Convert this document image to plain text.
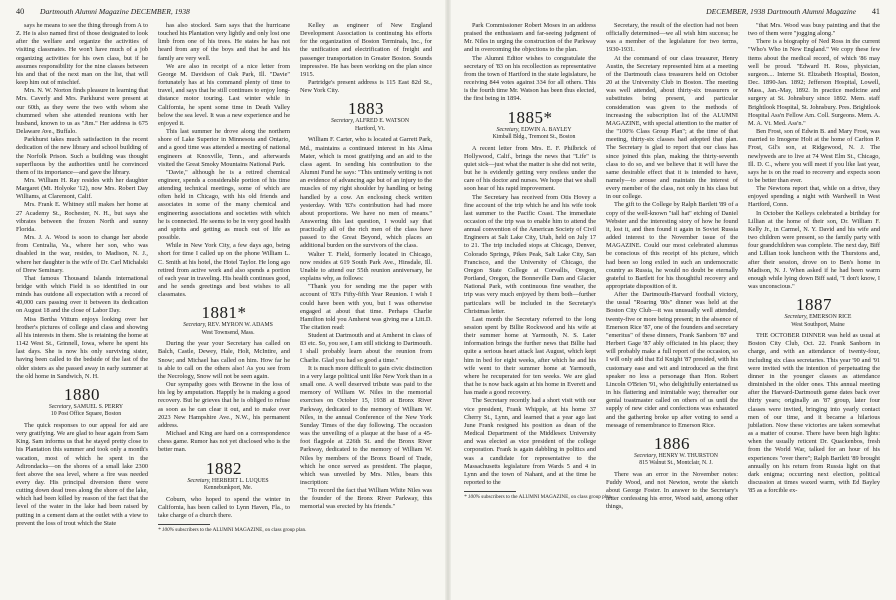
40 Dartmouth Alumni Magazine DECEMBER, 1938

says he means to see the thing through from A to Z. He is also named first of those designated to look after the welfare and organize the activities of visiting classmates. He won't have much of a job organizing activities for his own class, but if he assumes responsibility for the nine classes between his and that of the next man on the list, that will keep him out of mischief.

Mrs. N. W. Norton finds pleasure in learning that Mrs. Caverly and Mrs. Parkhurst were present at our 60th, as they were the two with whom she chummed when she attended reunions with her husband, known to us as "Jim." Her address is 675 Delaware Ave., Buffalo.

Parkhurst takes much satisfaction in the recent dedication of the new library and school building of the Norfolk Prison. Such a building was thought superfluous by the authorities until he convinced them of its importance—and gave the library.

Mrs. William H. Ray resides with her daughter Margaret (Mt. Holyoke '12), now Mrs. Robert Day Williams, at Claremont, Calif.

Mrs. Frank E. Whitney still makes her home at 27 Academy St., Rochester, N. H., but says she vibrates between the frozen North and sunny Florida.

Mrs. J. A. Wood is soon to change her abode from Centralia, Va., where her son, who was disabled in the war, resides, to Madison, N. J., where her daughter is the wife of Dr. Carl Michalski of Drew Seminary.

That famous Thousand Islands international bridge with which Field is so identified in our minds has outdone all expectation with a record of 40,000 cars passing over it between its dedication on August 18 and the close of Labor Day.

Miss Bertha Vittum enjoys looking over her brother's pictures of college and class and showing all his interests in them. She is retaining the home at 1142 West St., Grinnell, Iowa, where he spent his last days. She is now his only surviving sister, having been called to the bedside of the last of the older sisters as she passed away in early summer at the old home in Sandwich, N. H.

1880

Secretary, SAMUEL S. PERRY

10 Post Office Square, Boston

The quick responses to our appeal for aid are very gratifying. We are glad to hear again from Sam King. Sam informs us that he stayed pretty close to his Plantation this summer and took only a month's vacation, most of which he spent in the Adirondacks—on the shores of a small lake 2300 feet above the sea level, where a fire was needed every day. His principal diversion there were cutting down dead trees along the shore of the lake, which had been killed by reason of the fact that the level of the water in the lake had been raised by putting in a cement dam at the outlet with a view to prevent the loss of trout which the State

has also stocked. Sam says that the hurricane touched his Plantation very lightly and only lost one limb from one of his trees. He states he has not heard from any of the boys and that he and his family are very well.

We are also in receipt of a nice letter from George M. Davidson of Oak Park, Ill. "Davie" fortunately has at his command plenty of time to travel, and says that he still continues to enjoy long-distance motor touring. Last winter while in California, he spent some time in Death Valley below the sea level. It was a new experience and he enjoyed it.

This last summer he drove along the northern shore of Lake Superior in Minnesota and Ontario, and a good time was attended a meeting of national engineers at Knoxville, Tenn., and afterwards visited the Great Smoky Mountains National Park.

"Davie," although he is a retired chemical engineer, spends a considerable portion of his time attending technical meetings, some of which are often held in Chicago, with his old friends and associates in some of the many chemical and engineering associations and societies with which he is connected. He seems to be in very good health and spirits and getting as much out of life as possible.

While in New York City, a few days ago, being short for time I called up on the phone William L. C. Smith at his hotel, the Hotel Taylor. He long ago retired from active work and also spends a portion of each year in traveling. His health continues good, and he sends greetings and best wishes to all classmates.

1881*

Secretary, REV. MYRON W. ADAMS

West Townsend, Mass.

During the year your Secretary has called on Balch, Castle, Dewey, Hale, Holt, McIntire, and Snow; and Michael has called on him. How far he is able to call on the others also! As you see from the Necrology, Snow will not be seen again.

Our sympathy goes with Browne in the loss of his leg by amputation. Happily he is making a good recovery. But he grieves that he is obliged to refuse as soon as he can clear it out, and to make over 2023 New Hampshire Ave., N.W., his permanent address.

Michael and King are hard on a correspondence chess game. Rumor has not yet disclosed who is the better man.

1882

Secretary, HERBERT L. LUQUES

Kennebunkport, Me.

Coburn, who hoped to spend the winter in California, has been called to Lynn Haven, Fla., to take charge of a church there.

* 100% subscribers to the ALUMNI MAGAZINE, on class group plan.

Kelley as engineer of New England Development Association is continuing his efforts for the organization of Boston Terminals, Inc., for the unification and electrification of freight and passenger transportation in Greater Boston. Sounds impressive. He has been working on the plan since 1915.

Partridge's present address is 115 East 82d St., New York City.

1883

Secretary, ALFRED E. WATSON

Hartford, Vt.

William F. Carter, who is located at Garrett Park, Md., maintains a continued interest in his Alma Mater, which is most gratifying and an aid to the class agent. In sending his contribution to the Alumni Fund he says: "This untimely writing is not an evidence of advancing age but of an injury to the muscles of my right shoulder by handling or being handled by a cow. An enclosing check written yesterday. With '83's contribution had had more about proportions. We have no men of means." Answering this last question, I would say that practically all of the rich men of the class have passed to the Great Beyond, which places an additional burden on the survivors of the class.

Walter T. Field, formerly located in Chicago, now resides at 619 South Park Ave., Hinsdale, Ill. Unable to attend our 55th reunion anniversary, he explains why, as follows:

"Thank you for sending me the paper with account of '83's Fifty-fifth Year Reunion. I wish I could have been with you, but I was otherwise engaged at about that time. Perhaps Charlie Hamilton told you Amherst was giving me a Litt.D. The citation read:

Student at Dartmouth and at Amherst in class of 83 etc. So, you see, I am still sticking to Dartmouth. I shall probably learn about the reunion from Charlie. Glad you had so good a time."

It is much more difficult to gain civic distinction in a very large political unit like New York than in a small one. A well deserved tribute was paid to the memory of William W. Niles in the memorial exercises on October 15, 1938 at Bronx River Parkway, dedicated to the memory of William W. Niles, in the annual Conference of the New York Sunday Times of the day following. The occasion was the unveiling of a plaque at the base of a 45-foot flagpole at 226th St. and the Bronx River Parkway, dedicated to the memory of William W. Niles by members of the Bronx Board of Trade, which he once served as president. The plaque, which was unveiled by Mrs. Niles, bears this inscription:

"To record the fact that William White Niles was the founder of the Bronx River Parkway, this memorial was erected by his friends."

DECEMBER, 1938 Dartmouth Alumni Magazine 41

Park Commissioner Robert Moses in an address praised the enthusiasm and far-seeing judgment of Mr. Niles in urging the construction of the Parkway and in overcoming the objections to the plan.

The Alumni Editor wishes to congratulate the secretary of '83 on his recollection as representative from the town of Hartford in the state legislature, he receiving 844 votes against 334 for all others. This is the fourth time Mr. Watson has been thus elected, the first being in 1894.

1885*

Secretary, EDWIN A. BAYLEY

Kimball Bldg., Tremont St., Boston

A recent letter from Mrs. E. F. Philbrick of Hollywood, Calif., brings the news that "Life" is quiet sick—just what the matter is she did not write, but he is evidently getting very restless under the care of his doctor and nurses. We hope that we shall soon hear of his rapid improvement.

The Secretary has received from Otis Hovey a fine account of the trip which he and his wife took last summer to the Pacific Coast. The immediate occasion of the trip was to enable him to attend the annual convention of the American Society of Civil Engineers at Salt Lake City, Utah, held on July 17 to 21. The trip included stops at Chicago, Denver, Colorado Springs, Pikes Peak, Salt Lake City, San Francisco, and the University of Chicago, the Oregon State College at Corvallis, Oregon, Portland, Oregon, the Bonneville Dam and Glacier National Park, with continuous fine weather, the trip was very much enjoyed by them both—further particulars will be included in the Secretary's Christmas letter.

Last month the Secretary referred to the long session spent by Billie Rockwood and his wife at their summer home at Yarmouth, N. S. Later information brings the further news that Billie had quite a serious heart attack last August, which kept him in bed for eight weeks, after which he and his wife went to their summer home at Yarmouth, where he recuperated for ten weeks. We are glad that he is now back again at his home in Everett and has made a good recovery.

The Secretary recently had a short visit with our vice president, Frank Whipple, at his home 37 Cherry St., Lynn, and learned that a year ago last June Frank resigned his position as dean of the Medical Department of the Middlesex University and was elected as vice president of the college corporation. Frank is again dabbling in politics and was a candidate for representative to the Massachusetts legislature from Wards 5 and 4 in Lynn and the town of Nahant, and at the time he reported to the

* 100% subscribers to the ALUMNI MAGAZINE, on class group plan.

Secretary, the result of the election had not been officially determined—we all wish him success; he was a member of the legislature for two terms, 1930-1931.

At the command of our class treasurer, Henry Austin, the Secretary represented him at a meeting of the Dartmouth class treasurers held on October 20 at the University Club in Boston. The meeting was well attended, about thirty-six treasurers or substitutes being present, and particular consideration was given to the methods of increasing the subscription list of the ALUMNI MAGAZINE, with special attention to the matter of the "100% Class Group Plan"; at the time of that meeting, thirty-six classes had adopted that plan. The Secretary is glad to report that our class has since joined this plan, making the thirty-seventh class to do so, and we believe that it will have the same desirable effect that it is intended to have, namely—to arouse and maintain the interest of every member of the class, not only in his class but in our college.

The gift to the College by Ralph Bartlett '89 of a copy of the well-known "tall hat" etching of Daniel Webster and the interesting story of how he found it, lost it, and then found it again in Soviet Russia added interest to the November issue of the MAGAZINE. Could our most celebrated alumnus be conscious of this receipt of his picture, which had been so long exiled in such an undemocratic country as Russia, he would no doubt be eternally grateful to Bartlett for his thoughtful recovery and appropriate disposition of it.

After the Dartmouth-Harvard football victory, the usual "Roaring '80s" dinner was held at the Boston City Club—it was unusually well attended, twenty-five or more being present; in the absence of Emerson Rice '87, one of the founders and secretary "emeritus" of these dinners, Frank Sanborn '87 and Herbert Gage '87 ably officiated in his place; they will probably make a full report of the occasion, so I will only add that Ed Knight '87 presided, with his customary ease and wit and introduced as the first speaker no less a personage than Hon. Robert Lincoln O'Brien '91, who delightfully entertained us in his flattering and inimitable way; thereafter our genial toastmaster called on others of us until the supply of new cider and confections was exhausted and the gathering broke up after voting to send a message of remembrance to Emerson Rice.

1886

Secretary, HENRY W. THURSTON

815 Walnut St., Montclair, N. J.

There was an error in the November notes: Fuddy Wood, and not Newton, wrote the sketch about George Foster. In answer to the Secretary's letter confessing his error, Wood said, among other things,

"that Mrs. Wood was busy painting and that the two of them were "jogging along."

There is a biography of Ned Ross in the current "Who's Who in New England." We copy these few items about the medical record, of which '86 may well be proud. "Edward H. Ross, physician, surgeon.... Interne St. Elizabeth Hospital, Boston, Dec. 1890-Jan. 1892; Jefferson Hospital, Lowell, Mass., Jan.-May, 1892. In practice medicine and surgery at St. Johnsbury since 1892. Mem. staff Brightlook Hospital, St. Johnsbury. Pres. Brightlook Hospital Ass'n Fellow Am. Coll. Surgeons. Mem. A. M. A. Vt. Med. Ass'n."

Ben Frost, son of Edwin B. and Mary Frost, was married to Imogene Holt at the home of Carlton P. Frost, Gil's son, at Ridgewood, N. J. The newlyweds are to live at 74 West Elm St., Chicago, Ill. D. C., where you will meet if you like last year, says he is on the road to recovery and expects soon to be better than ever.

The Newtons report that, while on a drive, they enjoyed spending a night with Wardwell in West Hartford, Conn.

In October the Kelleys celebrated a birthday for Lillian at the home of their son, Dr. William F. Kelly Jr., in Carmel, N. Y. David and his wife and two children were present, so the family party with four grandchildren was complete. The next day, Biff and Lillian took luncheon with the Thurstons and, after their session, drove on to Ben's home in Madison, N. J. When asked if he had been warm enough while lying down Biff said, "I don't know, I was unconscious."

1887

Secretary, EMERSON RICE

West Southport, Maine

THE OCTOBER DINNER was held as usual at Boston City Club, Oct. 22. Frank Sanborn in charge, and with an attendance of twenty-four, including six class secretaries. This year '90 and '91 were invited with the intention of perpetuating the dinner in the younger classes as attendance diminished in the older ones. This annual meeting after the Harvard-Dartmouth game dates back over thirty years; originally an '87 group, later four classes were invited, bringing into yearly contact men of our time, and it became a hilarious jubilation. Now these victories are taken somewhat as a matter of course. There have been high lights: when the usually reticent Dr. Quackenbos, fresh from the World War, talked for an hour of his experiences "over there"; Ralph Bartlett '89 brought annually on his return from Russia light on that dark enigma; occurring next election, political discussion at times waxed warm, with Ed Bayley '85 as a forcible ex-
